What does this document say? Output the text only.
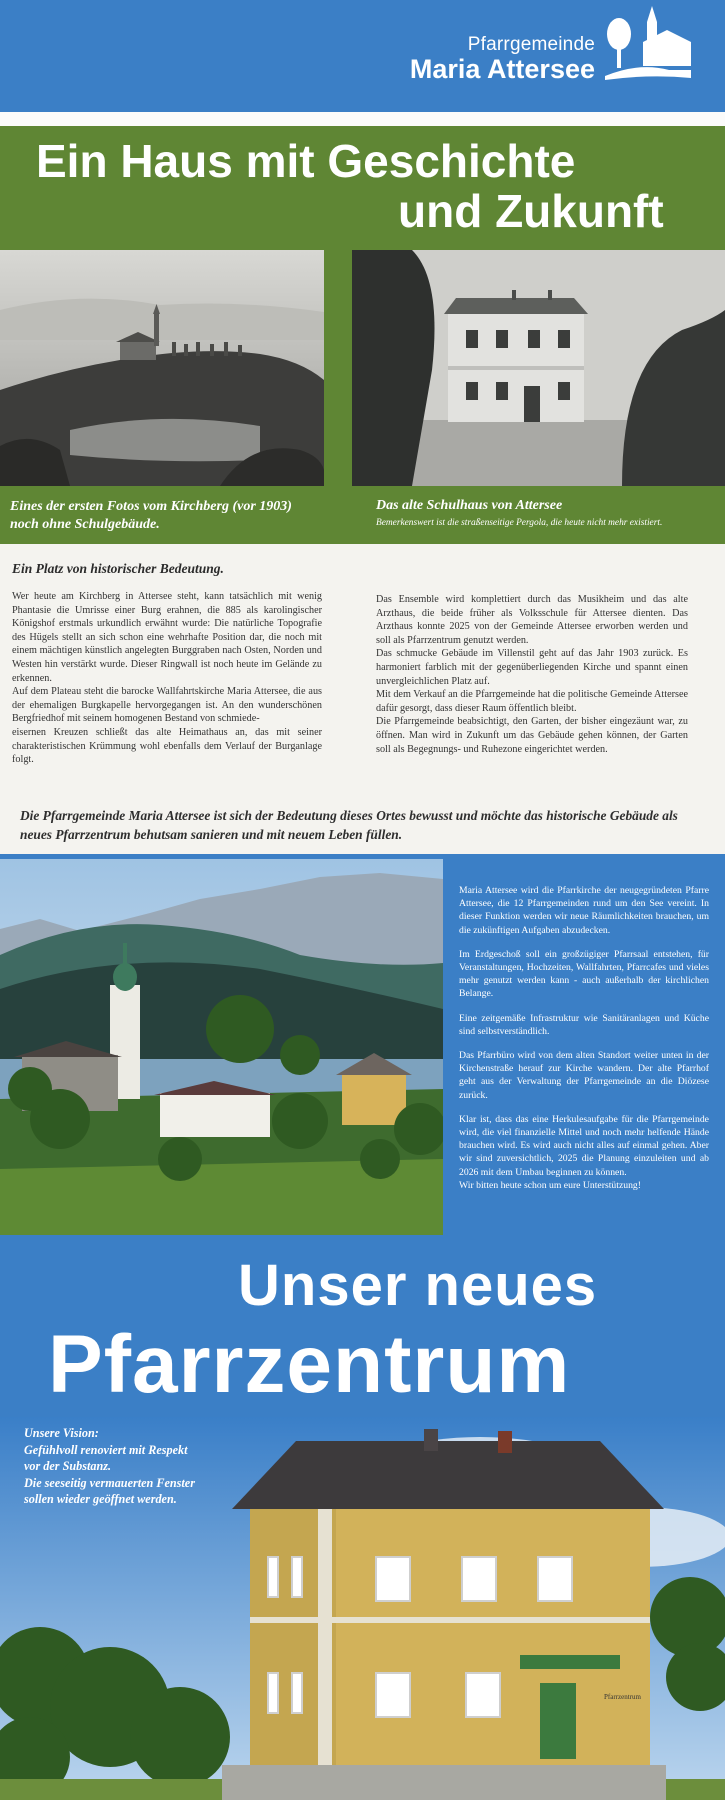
Pfarrgemeinde
Maria Attersee
Ein Haus mit Geschichte
und Zukunft
Eines der ersten Fotos vom Kirchberg (vor 1903)
noch ohne Schulgebäude.
Das alte Schulhaus von Attersee
Bemerkenswert ist die straßenseitige Pergola, die heute nicht mehr existiert.
Ein Platz von historischer Bedeutung.

Wer heute am Kirchberg in Attersee steht, kann tatsächlich mit wenig Phantasie die Umrisse einer Burg erahnen, die 885 als karolingischer Königshof erstmals urkundlich erwähnt wurde: Die natürliche Topografie des Hügels stellt an sich schon eine wehrhafte Position dar, die noch mit einem mächtigen künstlich angelegten Burggraben nach Osten, Norden und Westen hin verstärkt wurde. Dieser Ringwall ist noch heute im Gelände zu erkennen.

Auf dem Plateau steht die barocke Wallfahrtskirche Maria Attersee, die aus der ehemaligen Burgkapelle hervorgegangen ist. An den wunderschönen Bergfriedhof mit seinem homogenen Bestand von schmiede-

eisernen Kreuzen schließt das alte Heimathaus an, das mit seiner charakteristischen Krümmung wohl ebenfalls dem Verlauf der Burganlage folgt.

Das Ensemble wird komplettiert durch das Musikheim und das alte Arzthaus, die beide früher als Volksschule für Attersee dienten. Das Arzthaus konnte 2025 von der Gemeinde Attersee erworben werden und soll als Pfarrzentrum genutzt werden.

Das schmucke Gebäude im Villenstil geht auf das Jahr 1903 zurück. Es harmoniert farblich mit der gegenüberliegenden Kirche und spannt einen unvergleichlichen Platz auf.

Mit dem Verkauf an die Pfarrgemeinde hat die politische Gemeinde Attersee dafür gesorgt, dass dieser Raum öffentlich bleibt.

Die Pfarrgemeinde beabsichtigt, den Garten, der bisher eingezäunt war, zu öffnen. Man wird in Zukunft um das Gebäude gehen können, der Garten soll als Begegnungs- und Ruhezone eingerichtet werden.

Die Pfarrgemeinde Maria Attersee ist sich der Bedeutung dieses Ortes bewusst und möchte das historische Gebäude als neues Pfarrzentrum behutsam sanieren und mit neuem Leben füllen.

Maria Attersee wird die Pfarrkirche der neugegründeten Pfarre Attersee, die 12 Pfarrgemeinden rund um den See vereint. In dieser Funktion werden wir neue Räumlichkeiten brauchen, um die zukünftigen Aufgaben abzudecken.

Im Erdgeschoß soll ein großzügiger Pfarrsaal entstehen, für Veranstaltungen, Hochzeiten, Wallfahrten, Pfarrcafes und vieles mehr genutzt werden kann - auch außerhalb der kirchlichen Belange.

Eine zeitgemäße Infrastruktur wie Sanitäranlagen und Küche sind selbstverständlich.

Das Pfarrbüro wird von dem alten Standort weiter unten in der Kirchenstraße herauf zur Kirche wandern. Der alte Pfarrhof geht aus der Verwaltung der Pfarrgemeinde an die Diözese zurück.

Klar ist, dass das eine Herkulesaufgabe für die Pfarrgemeinde wird, die viel finanzielle Mittel und noch mehr helfende Hände brauchen wird. Es wird auch nicht alles auf einmal gehen. Aber wir sind zuversichtlich, 2025 die Planung einzuleiten und ab 2026 mit dem Umbau beginnen zu können.

Wir bitten heute schon um eure Unterstützung!

Unser neues
Pfarrzentrum
Unsere Vision:
Gefühlvoll renoviert mit Respekt
vor der Substanz.
Die seeseitig vermauerten Fenster
sollen wieder geöffnet werden.
Pfarrzentrum
